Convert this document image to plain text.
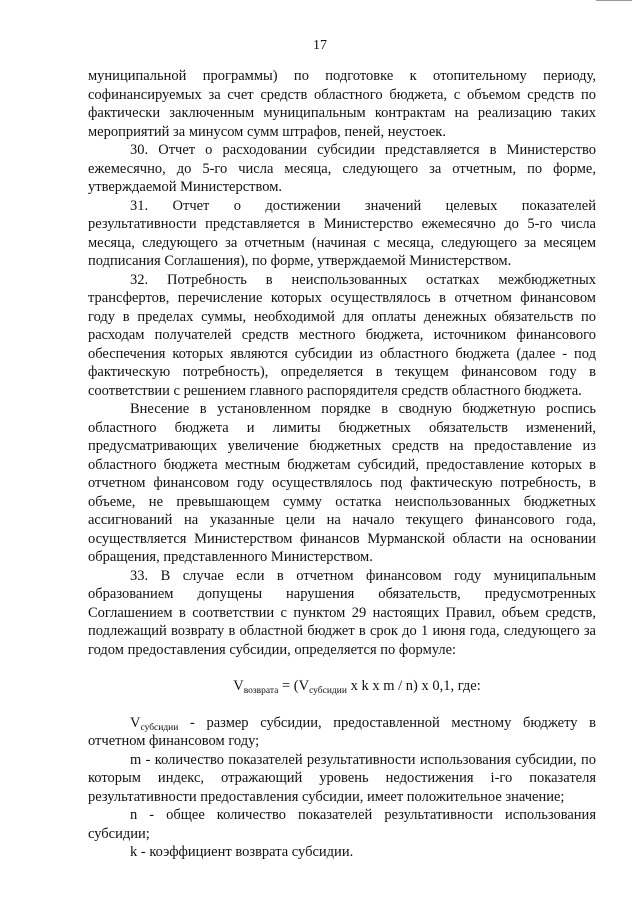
17

муниципальной программы) по подготовке к отопительному периоду,

софинансируемых за счет средств областного бюджета, с объемом средств по фактически заключенным муниципальным контрактам на реализацию таких мероприятий за минусом сумм штрафов, пеней, неустоек.

30. Отчет о расходовании субсидии представляется в Министерство ежемесячно, до 5-го числа месяца, следующего за отчетным, по форме, утверждаемой Министерством.

31. Отчет о достижении значений целевых показателей

результативности представляется в Министерство ежемесячно до 5-го числа месяца, следующего за отчетным (начиная с месяца, следующего за месяцем подписания Соглашения), по форме, утверждаемой Министерством.

32. Потребность в неиспользованных остатках межбюджетных трансфертов, перечисление которых осуществлялось в отчетном финансовом году в пределах суммы, необходимой для оплаты денежных обязательств по расходам получателей средств местного бюджета, источником финансового обеспечения которых являются субсидии из областного бюджета (далее - под фактическую потребность), определяется в текущем финансовом году в соответствии с решением главного распорядителя средств областного бюджета.

Внесение в установленном порядке в сводную бюджетную роспись областного бюджета и лимиты бюджетных обязательств изменений, предусматривающих увеличение бюджетных средств на предоставление из областного бюджета местным бюджетам субсидий, предоставление которых в отчетном финансовом году осуществлялось под фактическую потребность, в объеме, не превышающем сумму остатка неиспользованных бюджетных ассигнований на указанные цели на начало текущего финансового года, осуществляется Министерством финансов Мурманской области на основании обращения, представленного Министерством.

33. В случае если в отчетном финансовом году муниципальным образованием допущены нарушения обязательств, предусмотренных Соглашением в соответствии с пунктом 29 настоящих Правил, объем средств, подлежащий возврату в областной бюджет в срок до 1 июня года, следующего за годом предоставления субсидии, определяется по формуле:

$V_{возврата} = (V_{субсидии}$ x k x m / n) x 0,1, где:

$V_{субсидии}$ - размер субсидии, предоставленной местному бюджету в отчетном финансовом году;

m - количество показателей результативности использования субсидии, по которым индекс, отражающий уровень недостижения i-го показателя результативности предоставления субсидии, имеет положительное значение;

n - общее количество показателей результативности использования субсидии;

k - коэффициент возврата субсидии.
